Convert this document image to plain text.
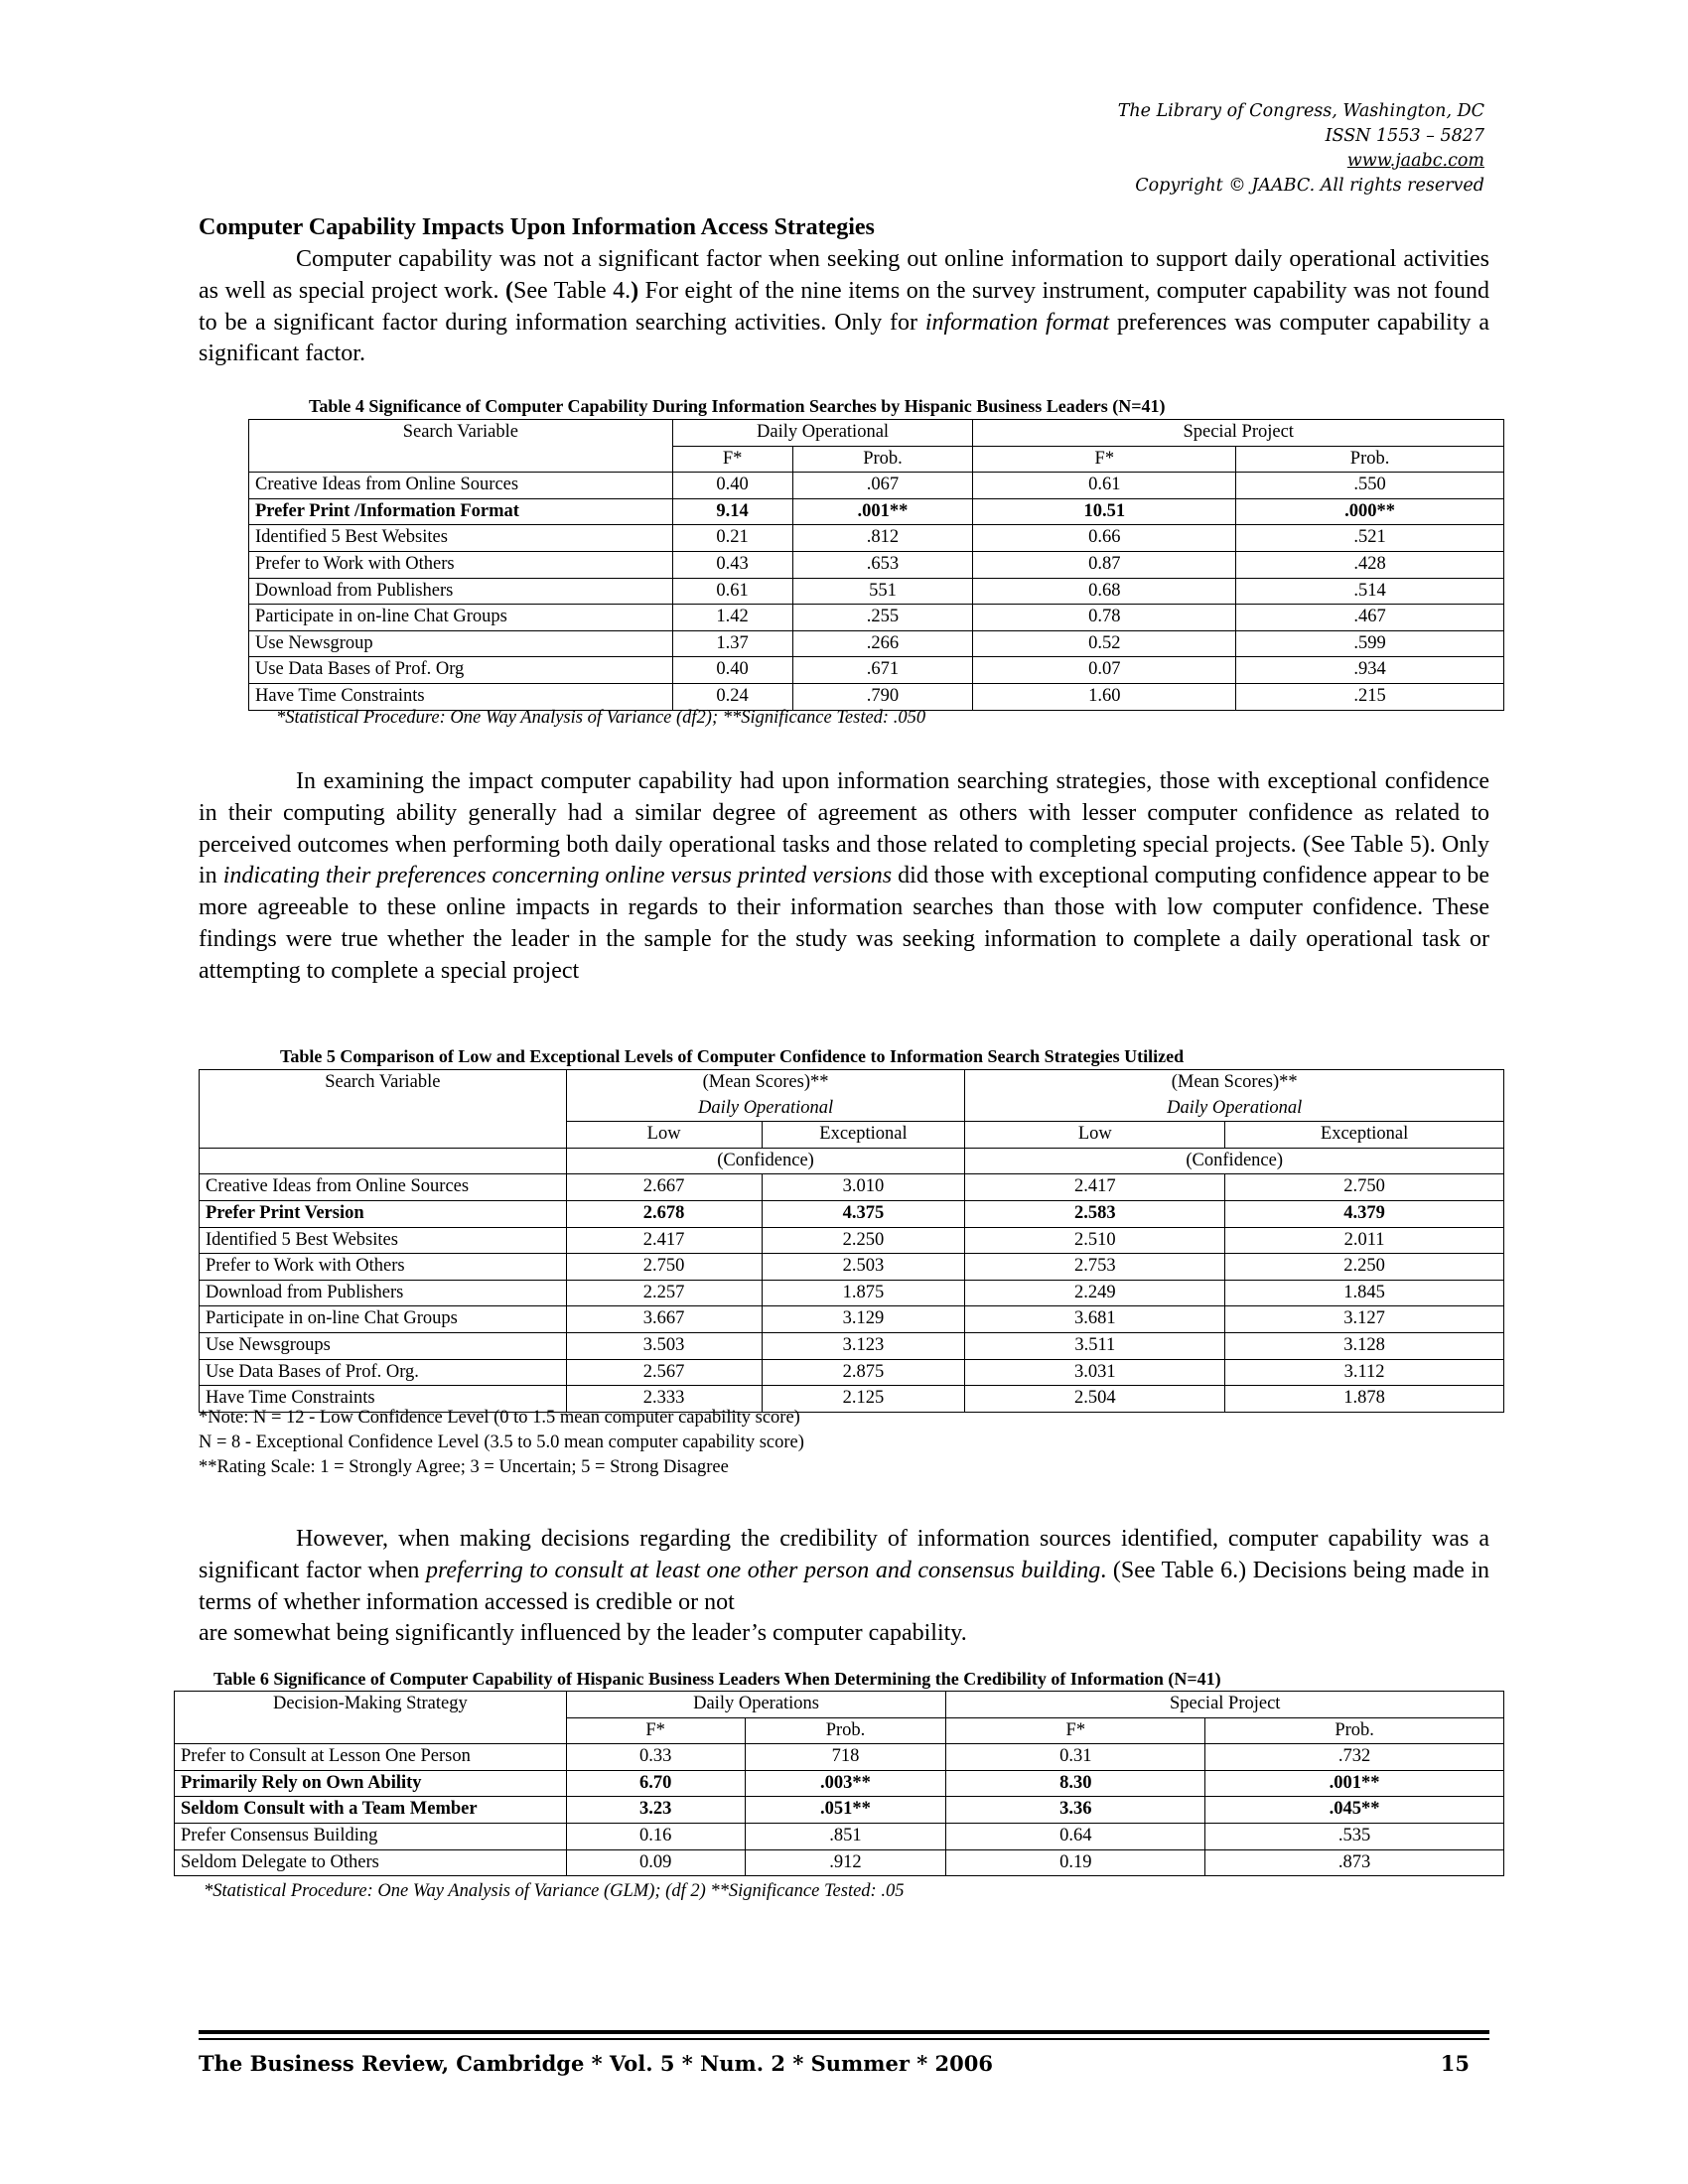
The Library of Congress, Washington, DC
ISSN 1553 – 5827
www.jaabc.com
Copyright © JAABC. All rights reserved
Computer Capability Impacts Upon Information Access Strategies
Computer capability was not a significant factor when seeking out online information to support daily operational activities as well as special project work. (See Table 4.) For eight of the nine items on the survey instrument, computer capability was not found to be a significant factor during information searching activities. Only for information format preferences was computer capability a significant factor.
Table 4 Significance of Computer Capability During Information Searches by Hispanic Business Leaders (N=41)
Search Variable	Daily Operational		Special Project	
	F*	Prob.	F*	Prob.
Creative Ideas from Online Sources	0.40	.067	0.61	.550
Prefer Print /Information Format	9.14	.001**	10.51	.000**
Identified 5 Best Websites	0.21	.812	0.66	.521
Prefer to Work with Others	0.43	.653	0.87	.428
Download from Publishers	0.61	551	0.68	.514
Participate in on-line Chat Groups	1.42	.255	0.78	.467
Use Newsgroup	1.37	.266	0.52	.599
Use Data Bases of Prof. Org	0.40	.671	0.07	.934
Have Time Constraints	0.24	.790	1.60	.215
*Statistical Procedure: One Way Analysis of Variance (df2); **Significance Tested: .050
In examining the impact computer capability had upon information searching strategies, those with exceptional confidence in their computing ability generally had a similar degree of agreement as others with lesser computer confidence as related to perceived outcomes when performing both daily operational tasks and those related to completing special projects. (See Table 5). Only in indicating their preferences concerning online versus printed versions did those with exceptional computing confidence appear to be more agreeable to these online impacts in regards to their information searches than those with low computer confidence. These findings were true whether the leader in the sample for the study was seeking information to complete a daily operational task or attempting to complete a special project
Table 5 Comparison of Low and Exceptional Levels of Computer Confidence to Information Search Strategies Utilized
Search Variable	(Mean Scores)**		(Mean Scores)**	
	Daily Operational		Daily Operational	
	Low	Exceptional	Low	Exceptional
	(Confidence)		(Confidence)	
Creative Ideas from Online Sources	2.667	3.010	2.417	2.750
Prefer Print Version	2.678	4.375	2.583	4.379
Identified 5 Best Websites	2.417	2.250	2.510	2.011
Prefer to Work with Others	2.750	2.503	2.753	2.250
Download from Publishers	2.257	1.875	2.249	1.845
Participate in on-line Chat Groups	3.667	3.129	3.681	3.127
Use Newsgroups	3.503	3.123	3.511	3.128
Use Data Bases of Prof. Org.	2.567	2.875	3.031	3.112
Have Time Constraints	2.333	2.125	2.504	1.878
*Note: N = 12 - Low Confidence Level (0 to 1.5 mean computer capability score)
N = 8 - Exceptional Confidence Level (3.5 to 5.0 mean computer capability score)
**Rating Scale: 1 = Strongly Agree; 3 = Uncertain; 5 = Strong Disagree
However, when making decisions regarding the credibility of information sources identified, computer capability was a significant factor when preferring to consult at least one other person and consensus building. (See Table 6.) Decisions being made in terms of whether information accessed is credible or not
are somewhat being significantly influenced by the leader’s computer capability.
Table 6 Significance of Computer Capability of Hispanic Business Leaders When Determining the Credibility of Information (N=41)
Decision-Making Strategy	Daily Operations		Special Project	
	F*	Prob.	F*	Prob.
Prefer to Consult at Lesson One Person	0.33	718	0.31	.732
Primarily Rely on Own Ability	6.70	.003**	8.30	.001**
Seldom Consult with a Team Member	3.23	.051**	3.36	.045**
Prefer Consensus Building	0.16	.851	0.64	.535
Seldom Delegate to Others	0.09	.912	0.19	.873
*Statistical Procedure: One Way Analysis of Variance (GLM); (df 2) **Significance Tested: .05
The Business Review, Cambridge * Vol. 5 * Num. 2 * Summer * 2006	15
